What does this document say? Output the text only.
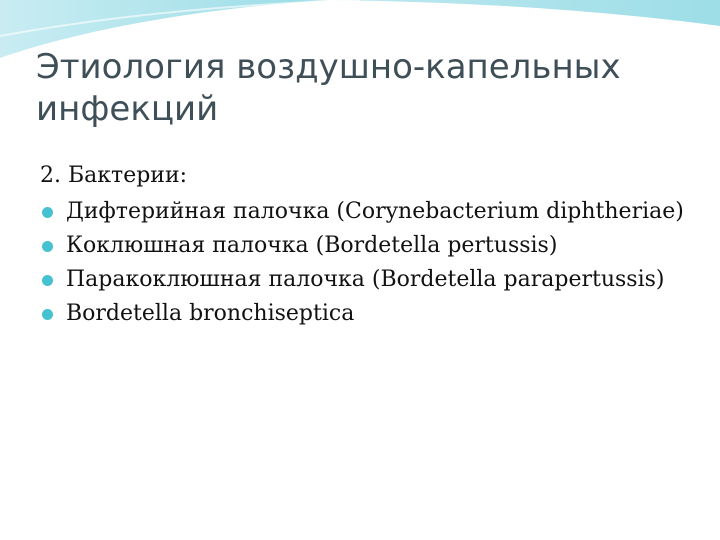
Этиология воздушно-капельных инфекций

2. Бактерии:

Дифтерийная палочка (Corynebacterium diphtheriae)
Коклюшная палочка (Bordetella pertussis)
Паракоклюшная палочка (Bordetella parapertussis)
Bordetella bronchiseptica
